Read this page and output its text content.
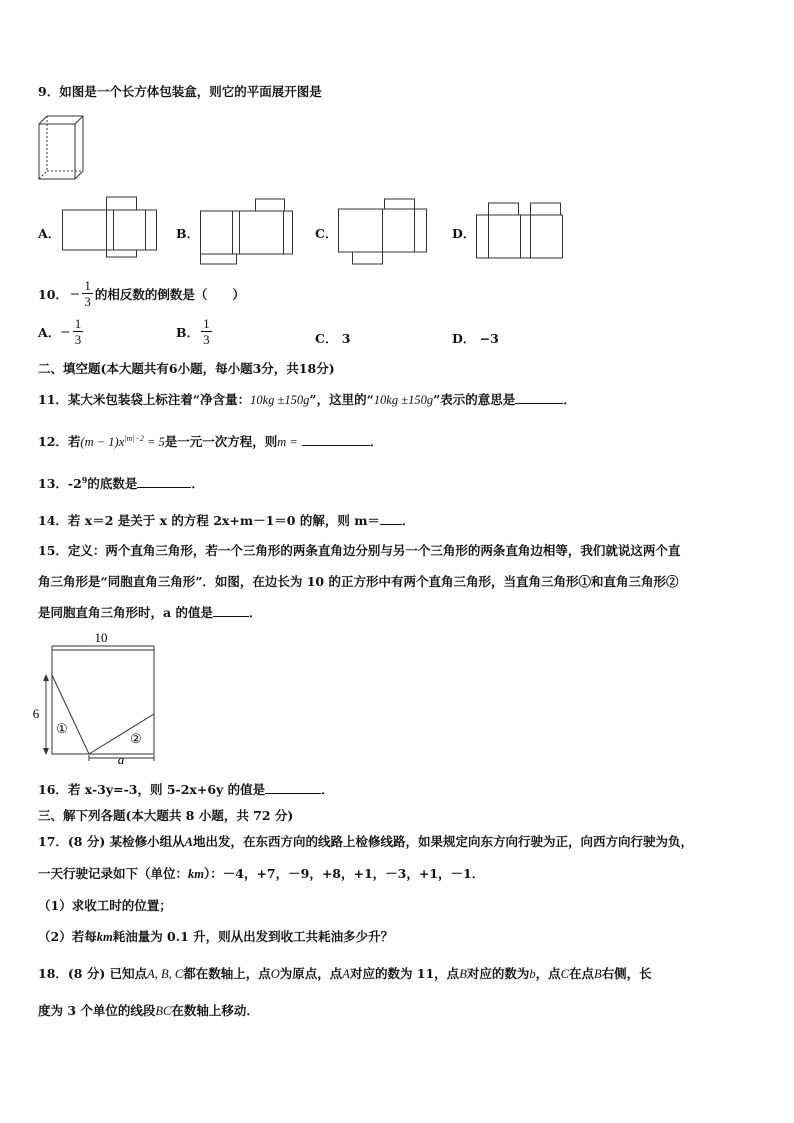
9．如图是一个长方体包装盒，则它的平面展开图是
A．	B．	C．	D．
10． − $\frac{1}{3}$ 的相反数的倒数是（　　）
A． − $\frac{1}{3}$	B． $\frac{1}{3}$	C． 3	D． −3
二、填空题(本大题共有6小题，每小题3分，共18分)
11．某大米包装袋上标注着“净含量：10kg ±150g”，这里的“10kg ±150g”表示的意思是	．
12．若$(m - 1)x^{|m|-2} = 5$是一元一次方程，则m =	．
13．$-2^9$的底数是	．
14．若 x＝2 是关于 x 的方程 2x+m－1＝0 的解，则 m＝ ．
15．定义：两个直角三角形，若一个三角形的两条直角边分别与另一个三角形的两条直角边相等，我们就说这两个直
角三角形是“同胞直角三角形”．如图，在边长为 10 的正方形中有两个直角三角形，当直角三角形①和直角三角形②
是同胞直角三角形时，a 的值是	．
10
6
①
②
a
16．若 x-3y=-3，则 5-2x+6y 的值是	．
三、解下列各题(本大题共 8 小题，共 72 分)
17．(8 分) 某检修小组从A地出发，在东西方向的线路上检修线路，如果规定向东方向行驶为正，向西方向行驶为负，
一天行驶记录如下（单位：km）：－4，+7，－9，+8，+1，－3，+1，－1．
（1）求收工时的位置；
（2）若每km耗油量为 0.1 升，则从出发到收工共耗油多少升？
18．(8 分) 已知点A, B, C都在数轴上，点O为原点，点A对应的数为 11，点B对应的数为b，点C在点B右侧，长
度为 3 个单位的线段BC在数轴上移动．
